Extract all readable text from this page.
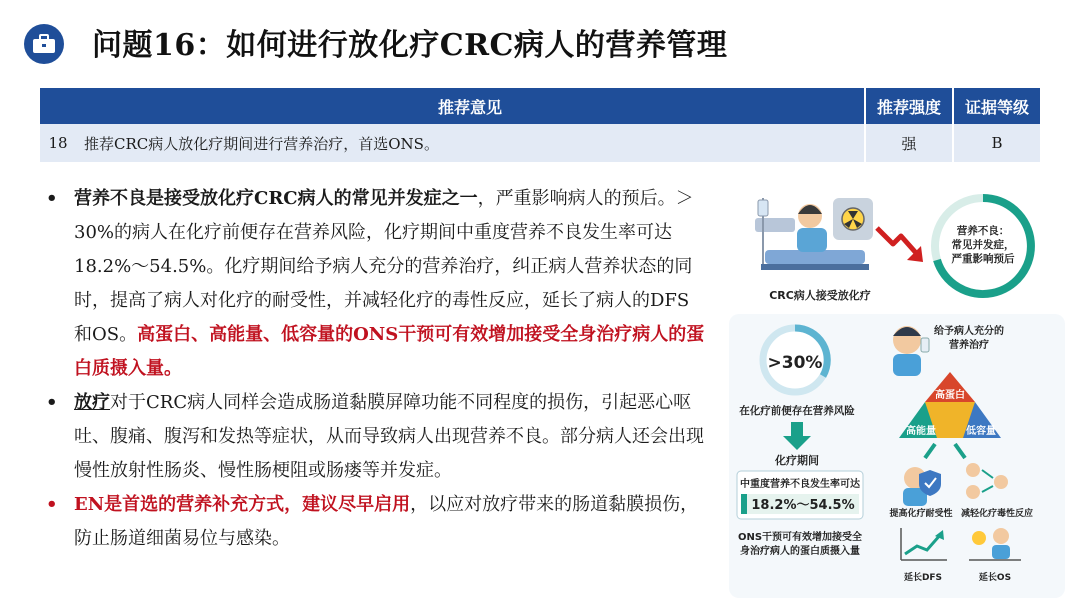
问题16：如何进行放化疗CRC病人的营养管理
	推荐意见	推荐强度	证据等级
18	推荐CRC病人放化疗期间进行营养治疗，首选ONS。	强	B
• 营养不良是接受放化疗CRC病人的常见并发症之一，严重影响病人的预后。＞30%的病人在化疗前便存在营养风险，化疗期间中重度营养不良发生率可达18.2%～54.5%。化疗期间给予病人充分的营养治疗，纠正病人营养状态的同时，提高了病人对化疗的耐受性，并减轻化疗的毒性反应，延长了病人的DFS和OS。高蛋白、高能量、低容量的ONS干预可有效增加接受全身治疗病人的蛋白质摄入量。
• 放疗对于CRC病人同样会造成肠道黏膜屏障功能不同程度的损伤，引起恶心呕吐、腹痛、腹泻和发热等症状，从而导致病人出现营养不良。部分病人还会出现慢性放射性肠炎、慢性肠梗阻或肠瘘等并发症。
• EN是首选的营养补充方式，建议尽早启用，以应对放疗带来的肠道黏膜损伤，防止肠道细菌易位与感染。
CRC病人接受放化疗
营养不良：
常见并发症，
严重影响预后
>30%
在化疗前便存在营养风险
化疗期间
中重度营养不良发生率可达
18.2%～54.5%
ONS干预可有效增加接受全
身治疗病人的蛋白质摄入量
给予病人充分的
营养治疗
高蛋白
高能量	低容量
提高化疗耐受性 减轻化疗毒性反应
延长DFS	延长OS
